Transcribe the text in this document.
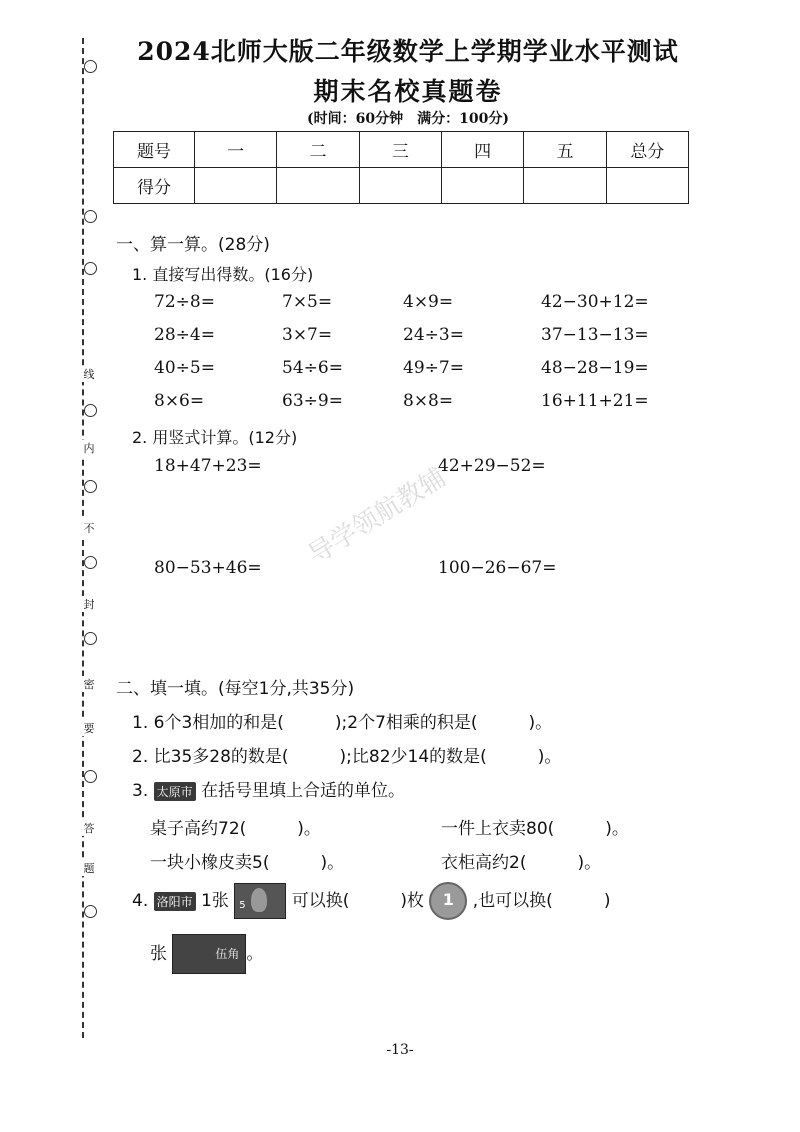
密
封
线
内
不
要
答
题
2024北师大版二年级数学上学期学业水平测试
期末名校真题卷
(时间：60分钟　满分：100分)
题号	一	二	三	四	五	总分
得分						
一、算一算。(28分)
1. 直接写出得数。(16分)
72÷8=	7×5=	4×9=	42−30+12=
28÷4=	3×7=	24÷3=	37−13−13=
40÷5=	54÷6=	49÷7=	48−28−19=
8×6=	63÷9=	8×8=	16+11+21=
2. 用竖式计算。(12分)
18+47+23=	42+29−52=
80−53+46=	100−26−67=
导学领航教辅
二、填一填。(每空1分,共35分)
1. 6个3相加的和是(　　　);2个7相乘的积是(　　　)。
2. 比35多28的数是(　　　);比82少14的数是(　　　)。
3. 太原市 在括号里填上合适的单位。
桌子高约72(　　　)。	一件上衣卖80(　　　)。
一块小橡皮卖5(　　　)。	衣柜高约2(　　　)。
4. 洛阳市 1张 5	可以换(　　　)枚	1	,也可以换(　　　)
张	伍角 。
-13-
